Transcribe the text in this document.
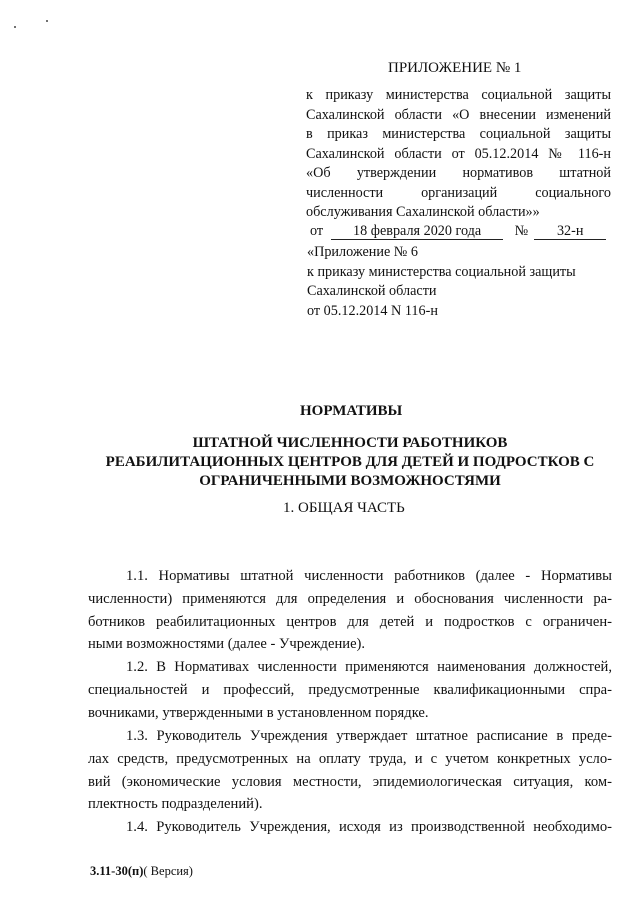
ПРИЛОЖЕНИЕ № 1
к приказу министерства социальной защиты
Сахалинской области «О внесении изменений
в приказ министерства социальной защиты
Сахалинской области от 05.12.2014 № 116-н
«Об утверждении нормативов штатной
численности организаций социального
обслуживания Сахалинской области»»
от 18 февраля 2020 года № 32-н
«Приложение № 6
к приказу министерства социальной защиты
Сахалинской области
от 05.12.2014 N 116-н
НОРМАТИВЫ
ШТАТНОЙ ЧИСЛЕННОСТИ РАБОТНИКОВ
РЕАБИЛИТАЦИОННЫХ ЦЕНТРОВ ДЛЯ ДЕТЕЙ И ПОДРОСТКОВ С
ОГРАНИЧЕННЫМИ ВОЗМОЖНОСТЯМИ
1. ОБЩАЯ ЧАСТЬ
1.1. Нормативы штатной численности работников (далее - Нормативы
численности) применяются для определения и обоснования численности ра-
ботников реабилитационных центров для детей и подростков с ограничен-
ными возможностями (далее - Учреждение).
1.2. В Нормативах численности применяются наименования должностей,
специальностей и профессий, предусмотренные квалификационными спра-
вочниками, утвержденными в установленном порядке.
1.3. Руководитель Учреждения утверждает штатное расписание в преде-
лах средств, предусмотренных на оплату труда, и с учетом конкретных усло-
вий (экономические условия местности, эпидемиологическая ситуация, ком-
плектность подразделений).
1.4. Руководитель Учреждения, исходя из производственной необходимо-
3.11-30(п)( Версия)
